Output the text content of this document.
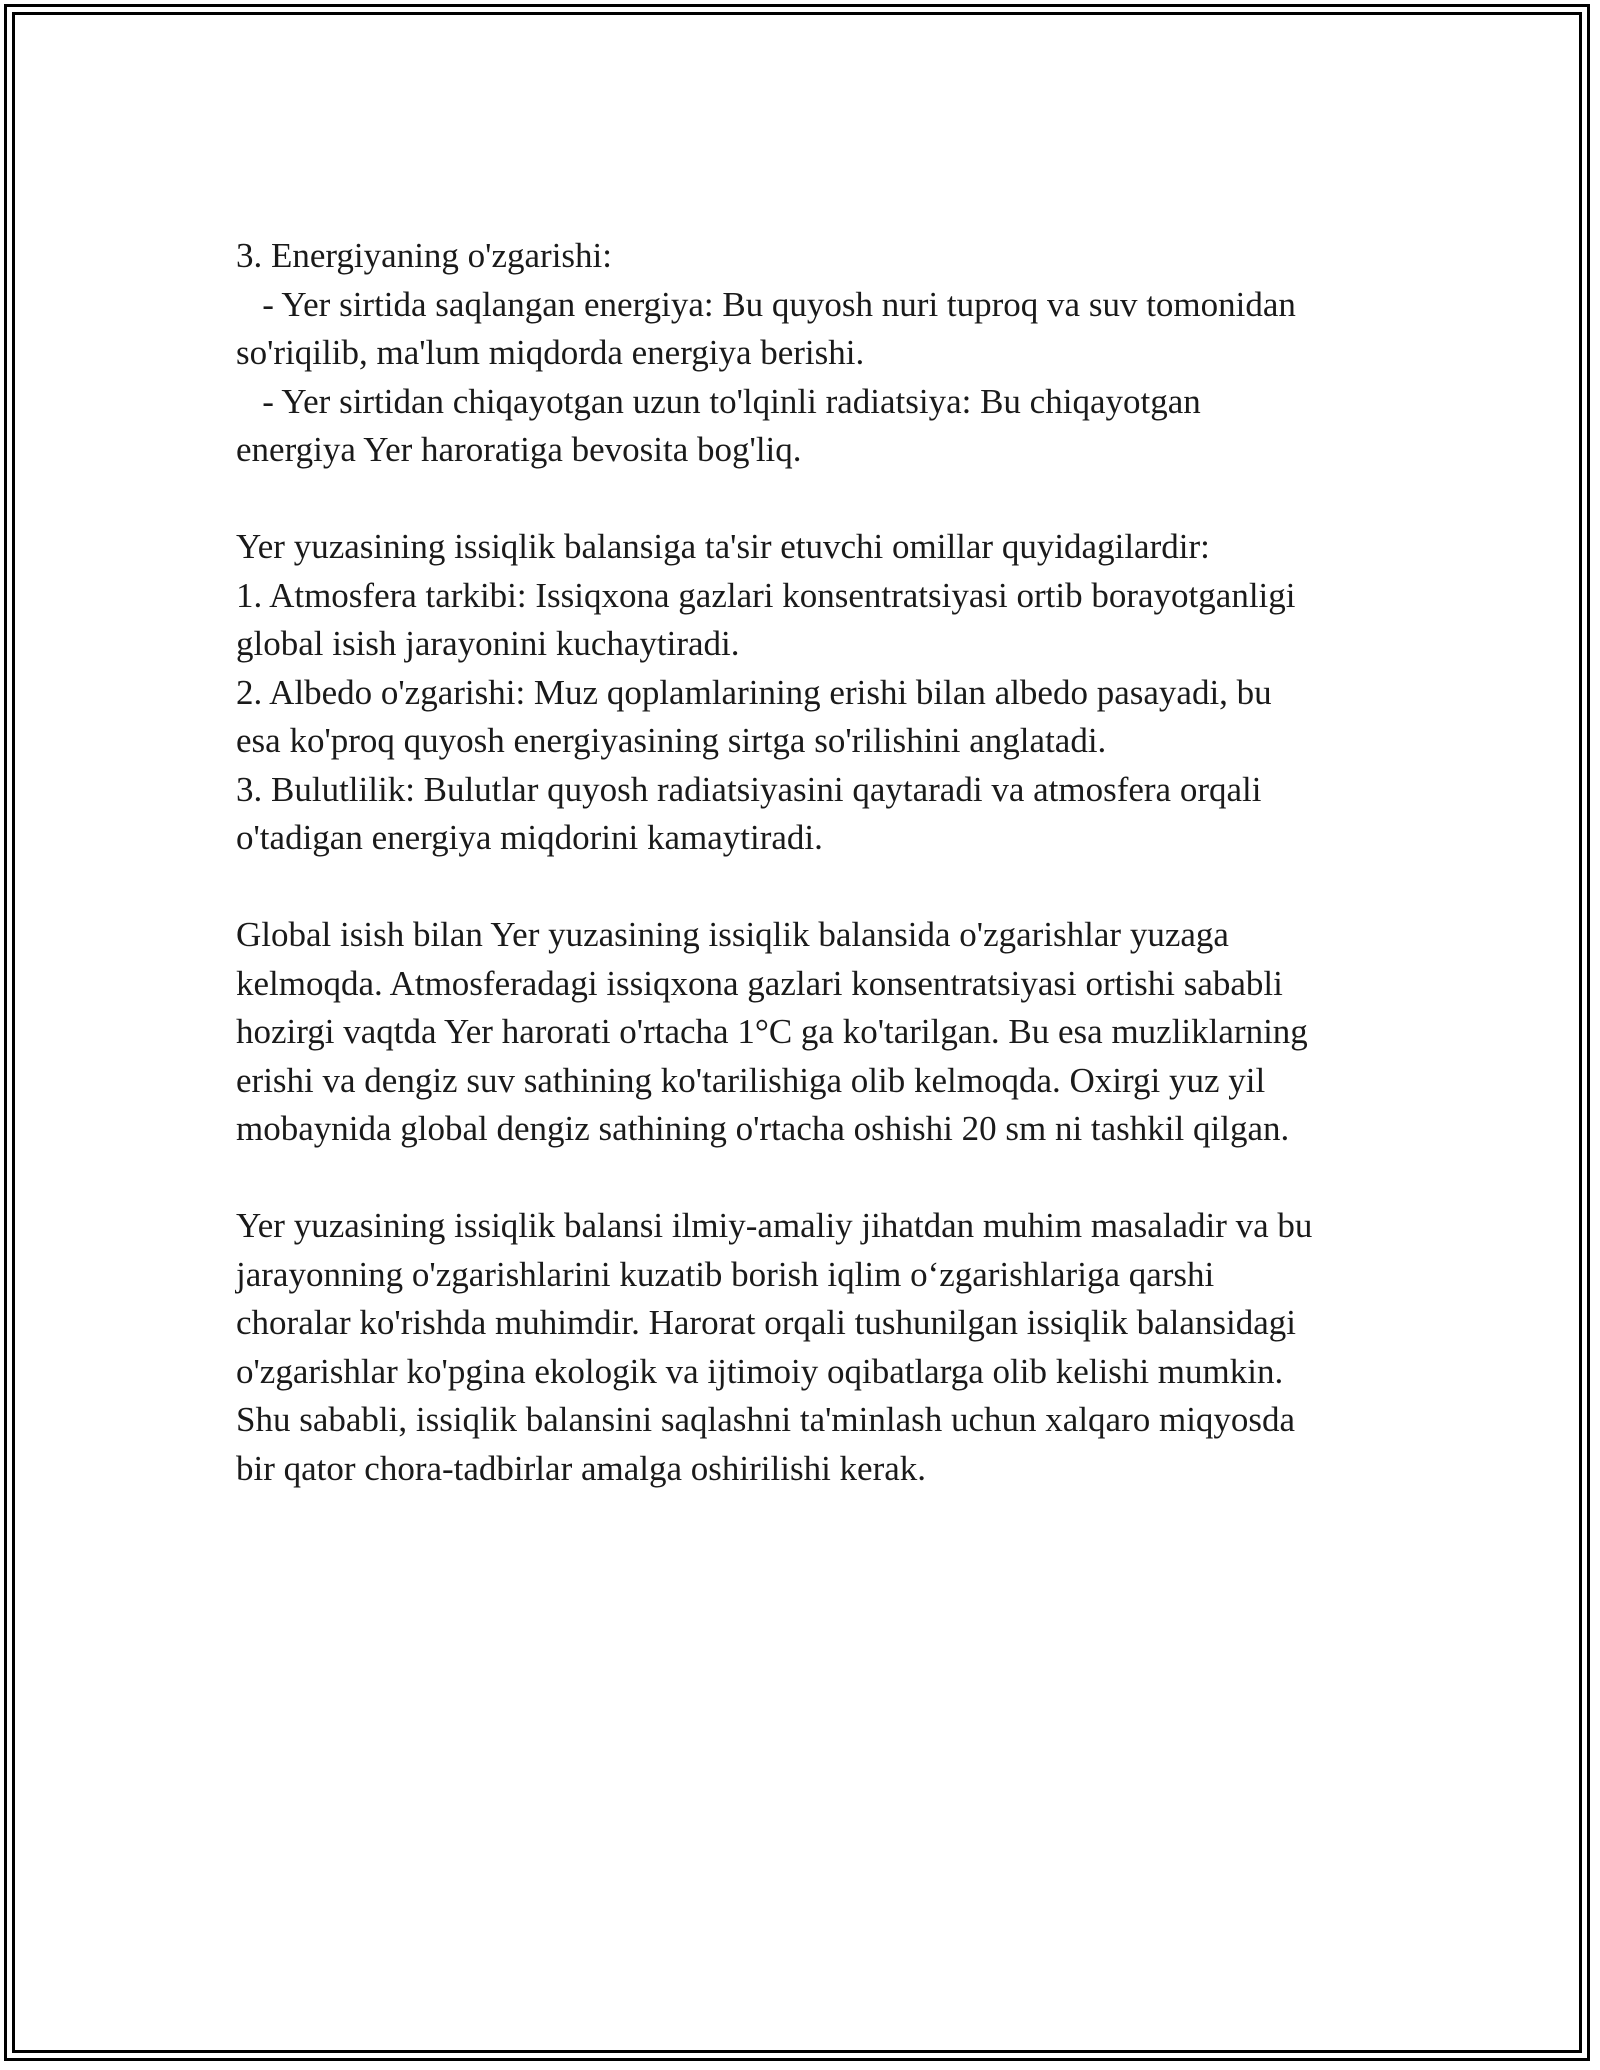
3. Energiyaning o'zgarishi:
- Yer sirtida saqlangan energiya: Bu quyosh nuri tuproq va suv tomonidan
so'riqilib, ma'lum miqdorda energiya berishi.
- Yer sirtidan chiqayotgan uzun to'lqinli radiatsiya: Bu chiqayotgan
energiya Yer haroratiga bevosita bog'liq.
Yer yuzasining issiqlik balansiga ta'sir etuvchi omillar quyidagilardir:
1. Atmosfera tarkibi: Issiqxona gazlari konsentratsiyasi ortib borayotganligi
global isish jarayonini kuchaytiradi.
2. Albedo o'zgarishi: Muz qoplamlarining erishi bilan albedo pasayadi, bu
esa ko'proq quyosh energiyasining sirtga so'rilishini anglatadi.
3. Bulutlilik: Bulutlar quyosh radiatsiyasini qaytaradi va atmosfera orqali
o'tadigan energiya miqdorini kamaytiradi.
Global isish bilan Yer yuzasining issiqlik balansida o'zgarishlar yuzaga
kelmoqda. Atmosferadagi issiqxona gazlari konsentratsiyasi ortishi sababli
hozirgi vaqtda Yer harorati o'rtacha 1°C ga ko'tarilgan. Bu esa muzliklarning
erishi va dengiz suv sathining ko'tarilishiga olib kelmoqda. Oxirgi yuz yil
mobaynida global dengiz sathining o'rtacha oshishi 20 sm ni tashkil qilgan.
Yer yuzasining issiqlik balansi ilmiy-amaliy jihatdan muhim masaladir va bu
jarayonning o'zgarishlarini kuzatib borish iqlim o‘zgarishlariga qarshi
choralar ko'rishda muhimdir. Harorat orqali tushunilgan issiqlik balansidagi
o'zgarishlar ko'pgina ekologik va ijtimoiy oqibatlarga olib kelishi mumkin.
Shu sababli, issiqlik balansini saqlashni ta'minlash uchun xalqaro miqyosda
bir qator chora-tadbirlar amalga oshirilishi kerak.
